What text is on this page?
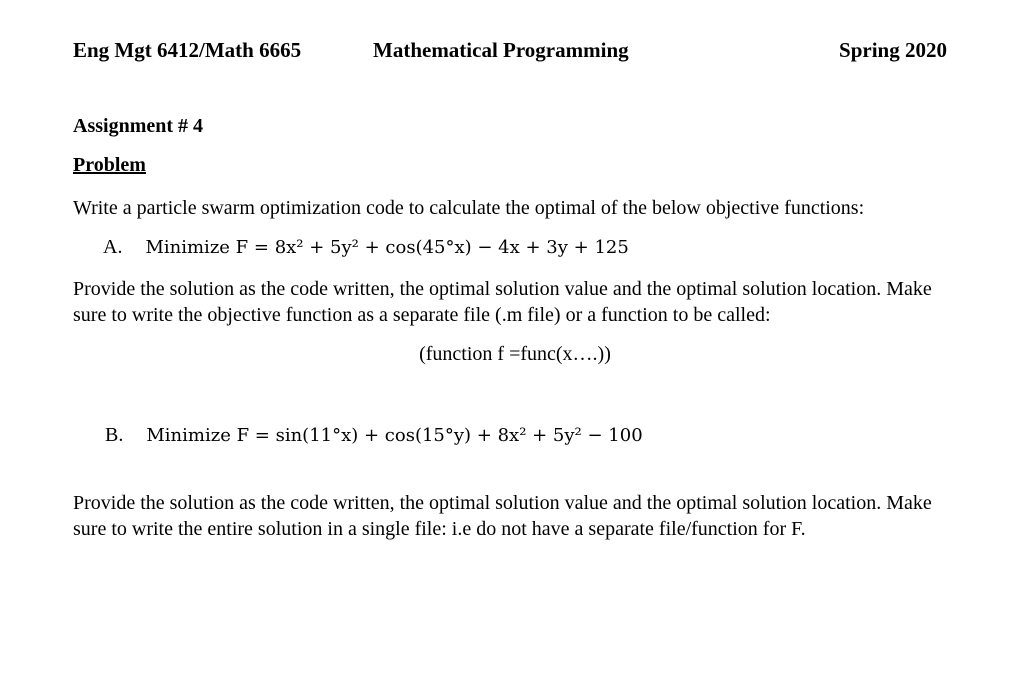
Eng Mgt 6412/Math 6665	Mathematical Programming	Spring 2020
Assignment # 4
Problem
Write a particle swarm optimization code to calculate the optimal of the below objective functions:
A. Minimize F = 8x² + 5y² + cos(45°x) − 4x + 3y + 125
Provide the solution as the code written, the optimal solution value and the optimal solution location. Make sure to write the objective function as a separate file (.m file) or a function to be called:
(function f =func(x….))
B. Minimize F = sin(11°x) + cos(15°y) + 8x² + 5y² − 100
Provide the solution as the code written, the optimal solution value and the optimal solution location. Make sure to write the entire solution in a single file: i.e do not have a separate file/function for F.
